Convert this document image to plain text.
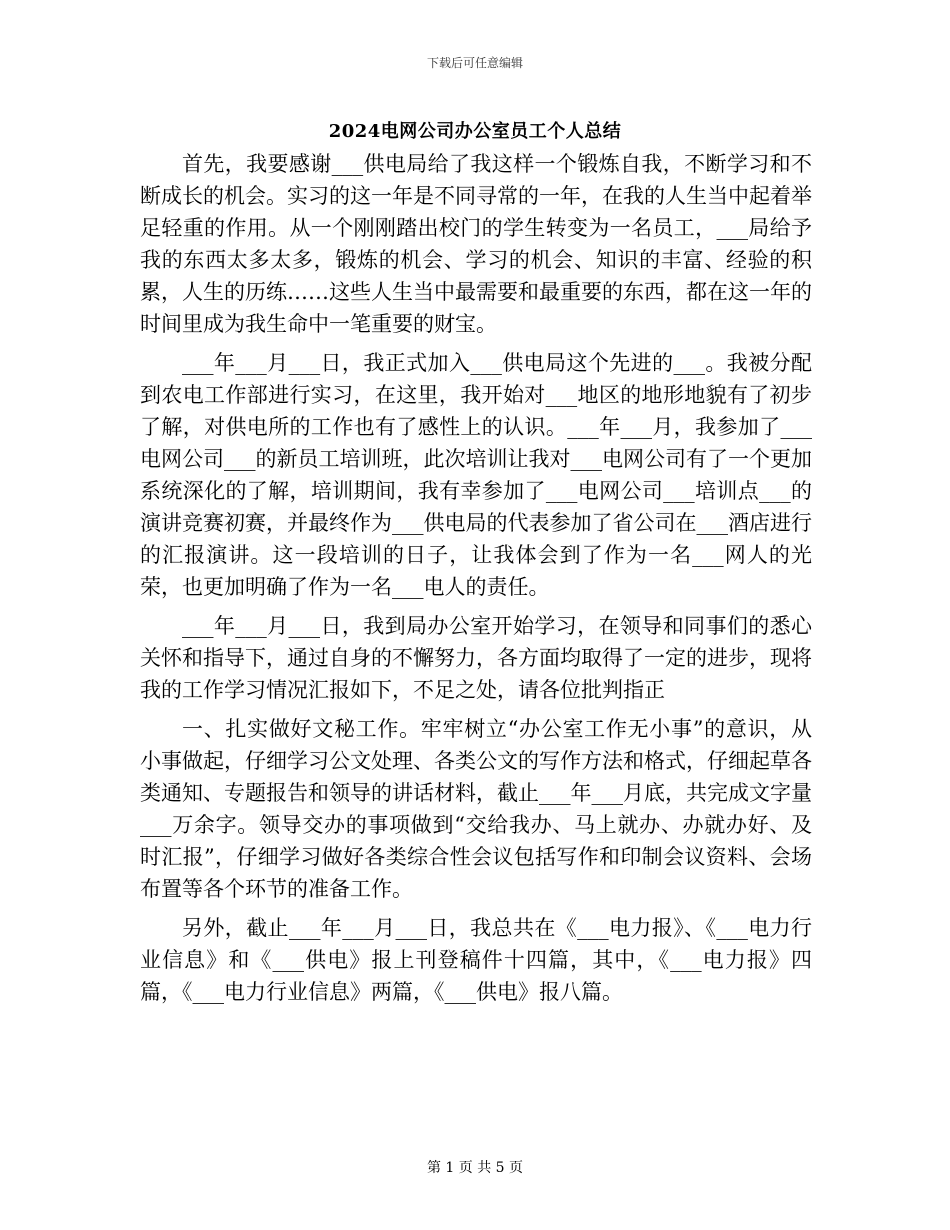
下载后可任意编辑
2024电网公司办公室员工个人总结

首先，我要感谢___供电局给了我这样一个锻炼自我，不断学习和不断成长的机会。实习的这一年是不同寻常的一年，在我的人生当中起着举足轻重的作用。从一个刚刚踏出校门的学生转变为一名员工，___局给予我的东西太多太多，锻炼的机会、学习的机会、知识的丰富、经验的积累，人生的历练……这些人生当中最需要和最重要的东西，都在这一年的时间里成为我生命中一笔重要的财宝。

___年___月___日，我正式加入___供电局这个先进的___。我被分配到农电工作部进行实习，在这里，我开始对___地区的地形地貌有了初步了解，对供电所的工作也有了感性上的认识。___年___月，我参加了___电网公司___的新员工培训班，此次培训让我对___电网公司有了一个更加系统深化的了解，培训期间，我有幸参加了___电网公司___培训点___的演讲竞赛初赛，并最终作为___供电局的代表参加了省公司在___酒店进行的汇报演讲。这一段培训的日子，让我体会到了作为一名___网人的光荣，也更加明确了作为一名___电人的责任。

___年___月___日，我到局办公室开始学习，在领导和同事们的悉心关怀和指导下，通过自身的不懈努力，各方面均取得了一定的进步，现将我的工作学习情况汇报如下，不足之处，请各位批判指正

一、扎实做好文秘工作。牢牢树立“办公室工作无小事”的意识，从小事做起，仔细学习公文处理、各类公文的写作方法和格式，仔细起草各类通知、专题报告和领导的讲话材料，截止___年___月底，共完成文字量___万余字。领导交办的事项做到“交给我办、马上就办、办就办好、及时汇报”，仔细学习做好各类综合性会议包括写作和印制会议资料、会场布置等各个环节的准备工作。

另外，截止___年___月___日，我总共在《___电力报》、《___电力行业信息》和《___供电》报上刊登稿件十四篇，其中，《___电力报》四篇，《___电力行业信息》两篇，《___供电》报八篇。

第 1 页 共 5 页
